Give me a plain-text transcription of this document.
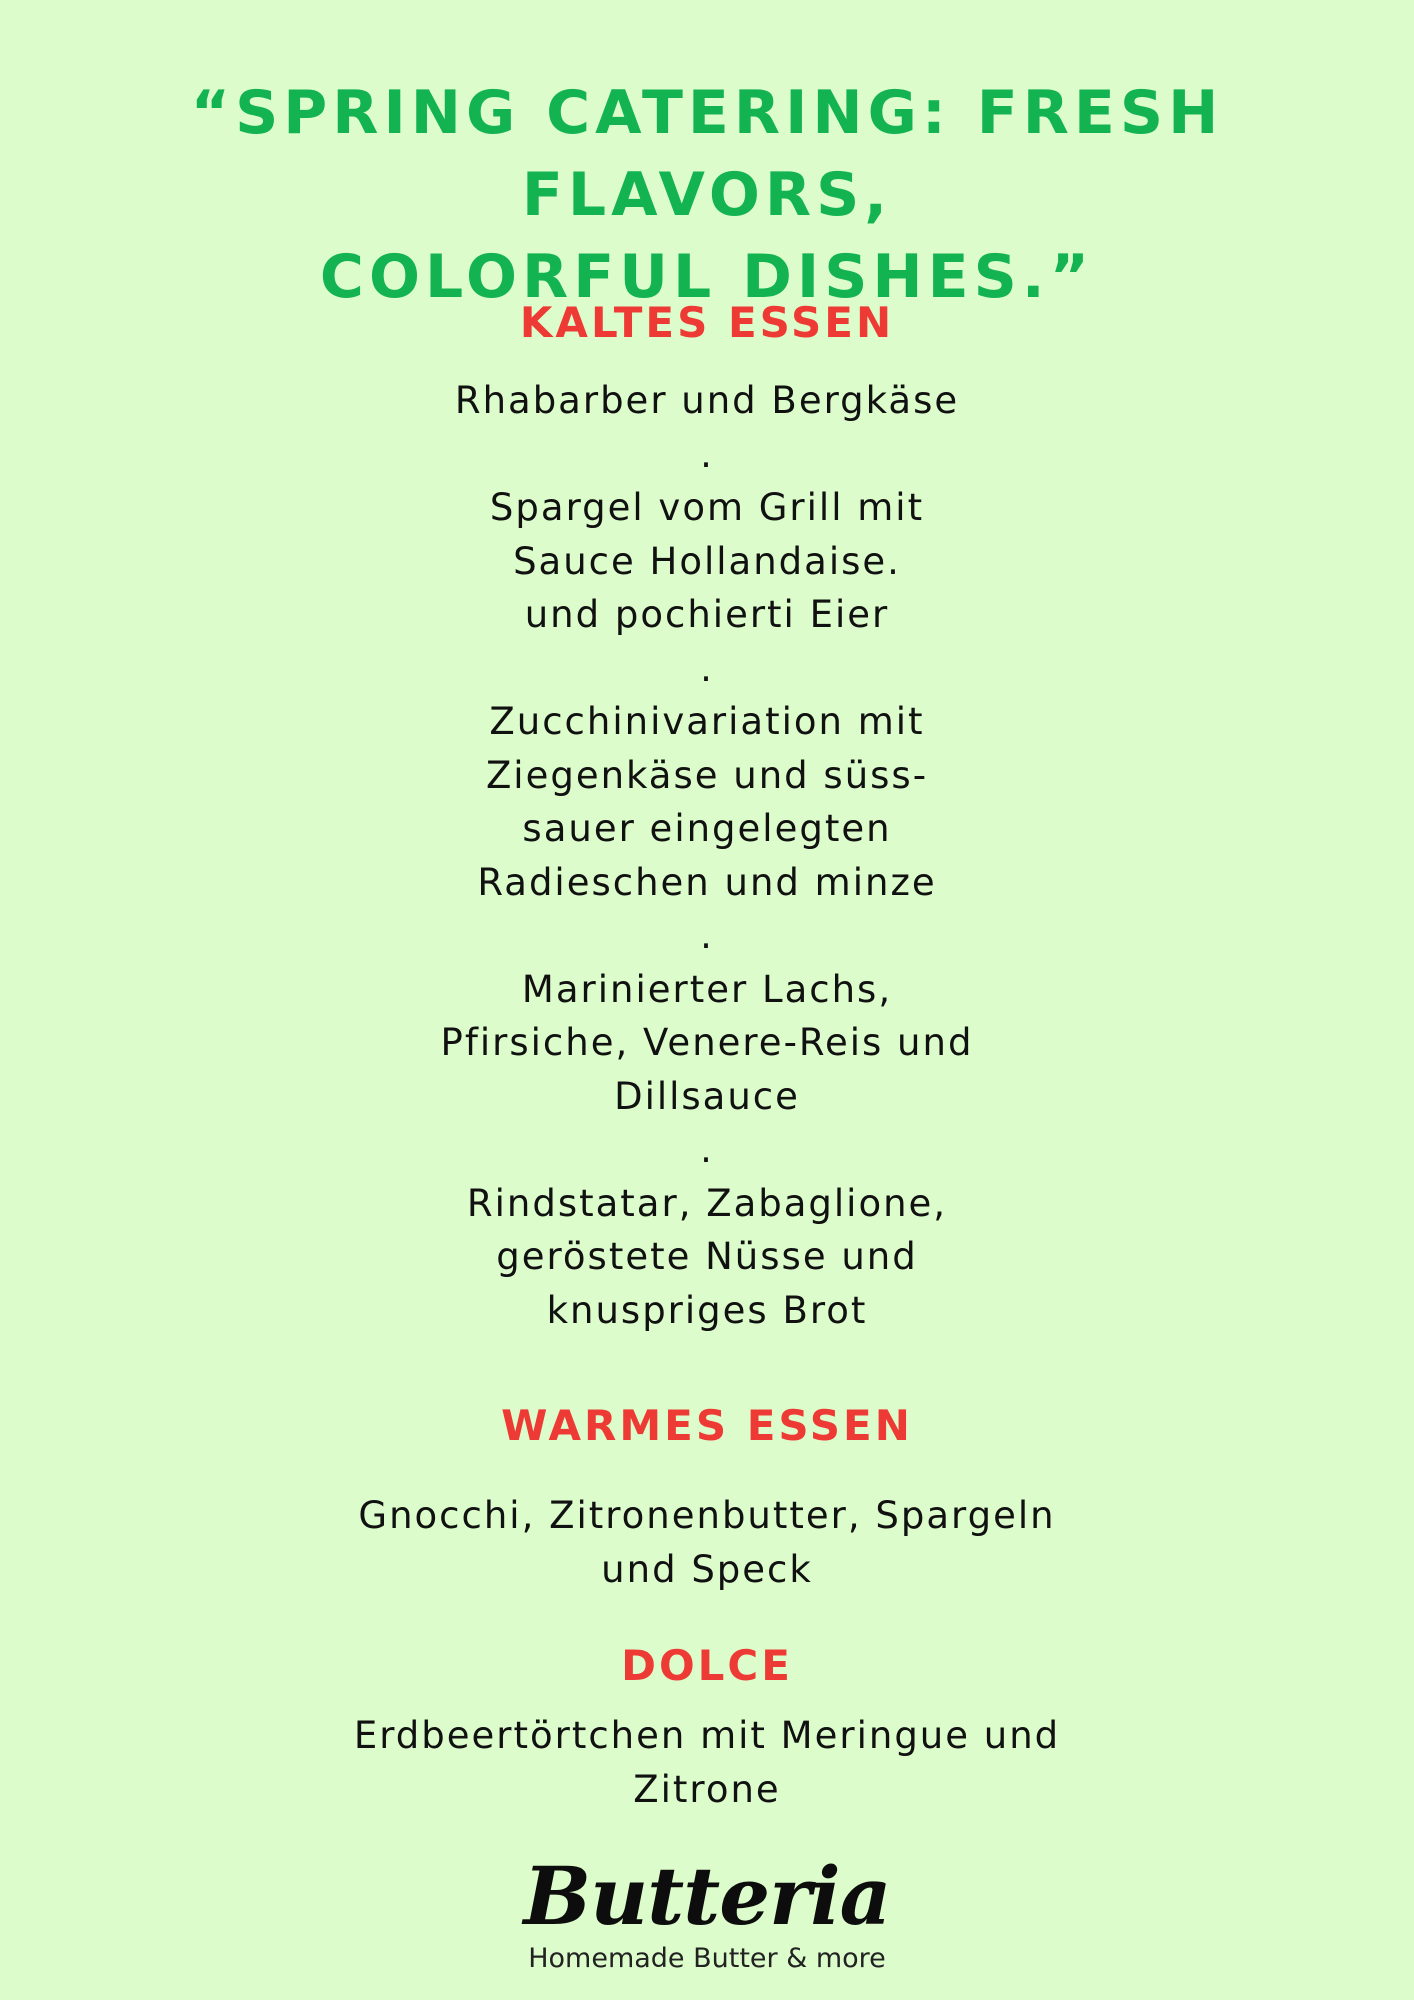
“SPRING CATERING: FRESH FLAVORS,
COLORFUL DISHES.”
KALTES ESSEN

Rhabarber und Bergkäse

.

Spargel vom Grill mit

Sauce Hollandaise.

und pochierti Eier

.

Zucchinivariation mit

Ziegenkäse und süss-

sauer eingelegten

Radieschen und minze

.

Marinierter Lachs,

Pfirsiche, Venere-Reis und

Dillsauce

.

Rindstatar, Zabaglione,

geröstete Nüsse und

knuspriges Brot

WARMES ESSEN

Gnocchi, Zitronenbutter, Spargeln

und Speck

DOLCE

Erdbeertörtchen mit Meringue und

Zitrone

Butteria
Homemade Butter & more
